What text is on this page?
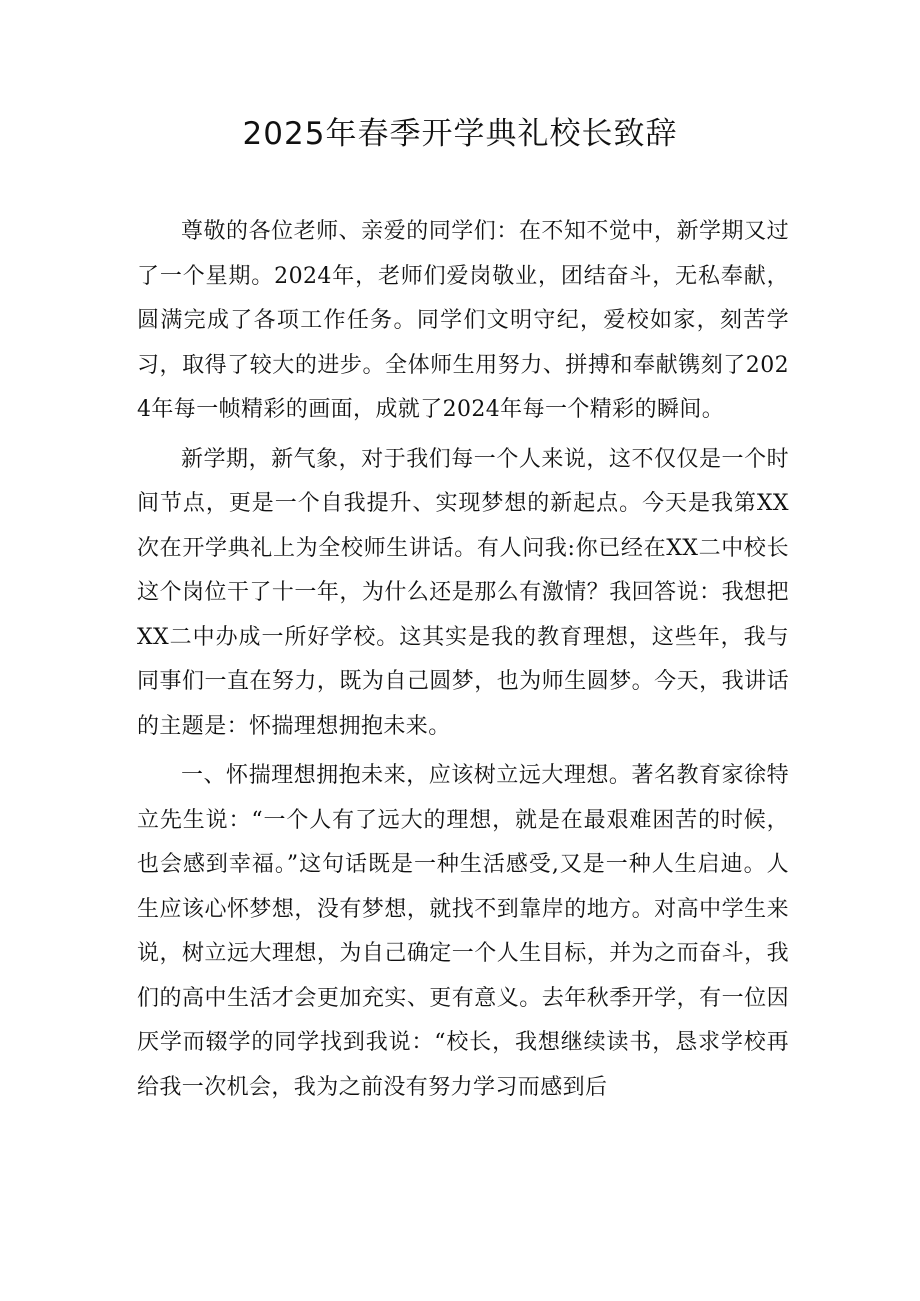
2025年春季开学典礼校长致辞

尊敬的各位老师、亲爱的同学们：在不知不觉中，新学期又过了一个星期。2024年，老师们爱岗敬业，团结奋斗，无私奉献，圆满完成了各项工作任务。同学们文明守纪，爱校如家，刻苦学习，取得了较大的进步。全体师生用努力、拼搏和奉献镌刻了2024年每一帧精彩的画面，成就了2024年每一个精彩的瞬间。

新学期，新气象，对于我们每一个人来说，这不仅仅是一个时间节点，更是一个自我提升、实现梦想的新起点。今天是我第XX次在开学典礼上为全校师生讲话。有人问我:你已经在XX二中校长这个岗位干了十一年，为什么还是那么有激情？我回答说：我想把XX二中办成一所好学校。这其实是我的教育理想，这些年，我与同事们一直在努力，既为自己圆梦，也为师生圆梦。今天，我讲话的主题是：怀揣理想拥抱未来。

一、怀揣理想拥抱未来，应该树立远大理想。著名教育家徐特立先生说：“一个人有了远大的理想，就是在最艰难困苦的时候，也会感到幸福。”这句话既是一种生活感受,又是一种人生启迪。人生应该心怀梦想，没有梦想，就找不到靠岸的地方。对高中学生来说，树立远大理想，为自己确定一个人生目标，并为之而奋斗，我们的高中生活才会更加充实、更有意义。去年秋季开学，有一位因厌学而辍学的同学找到我说：“校长，我想继续读书，恳求学校再给我一次机会，我为之前没有努力学习而感到后
